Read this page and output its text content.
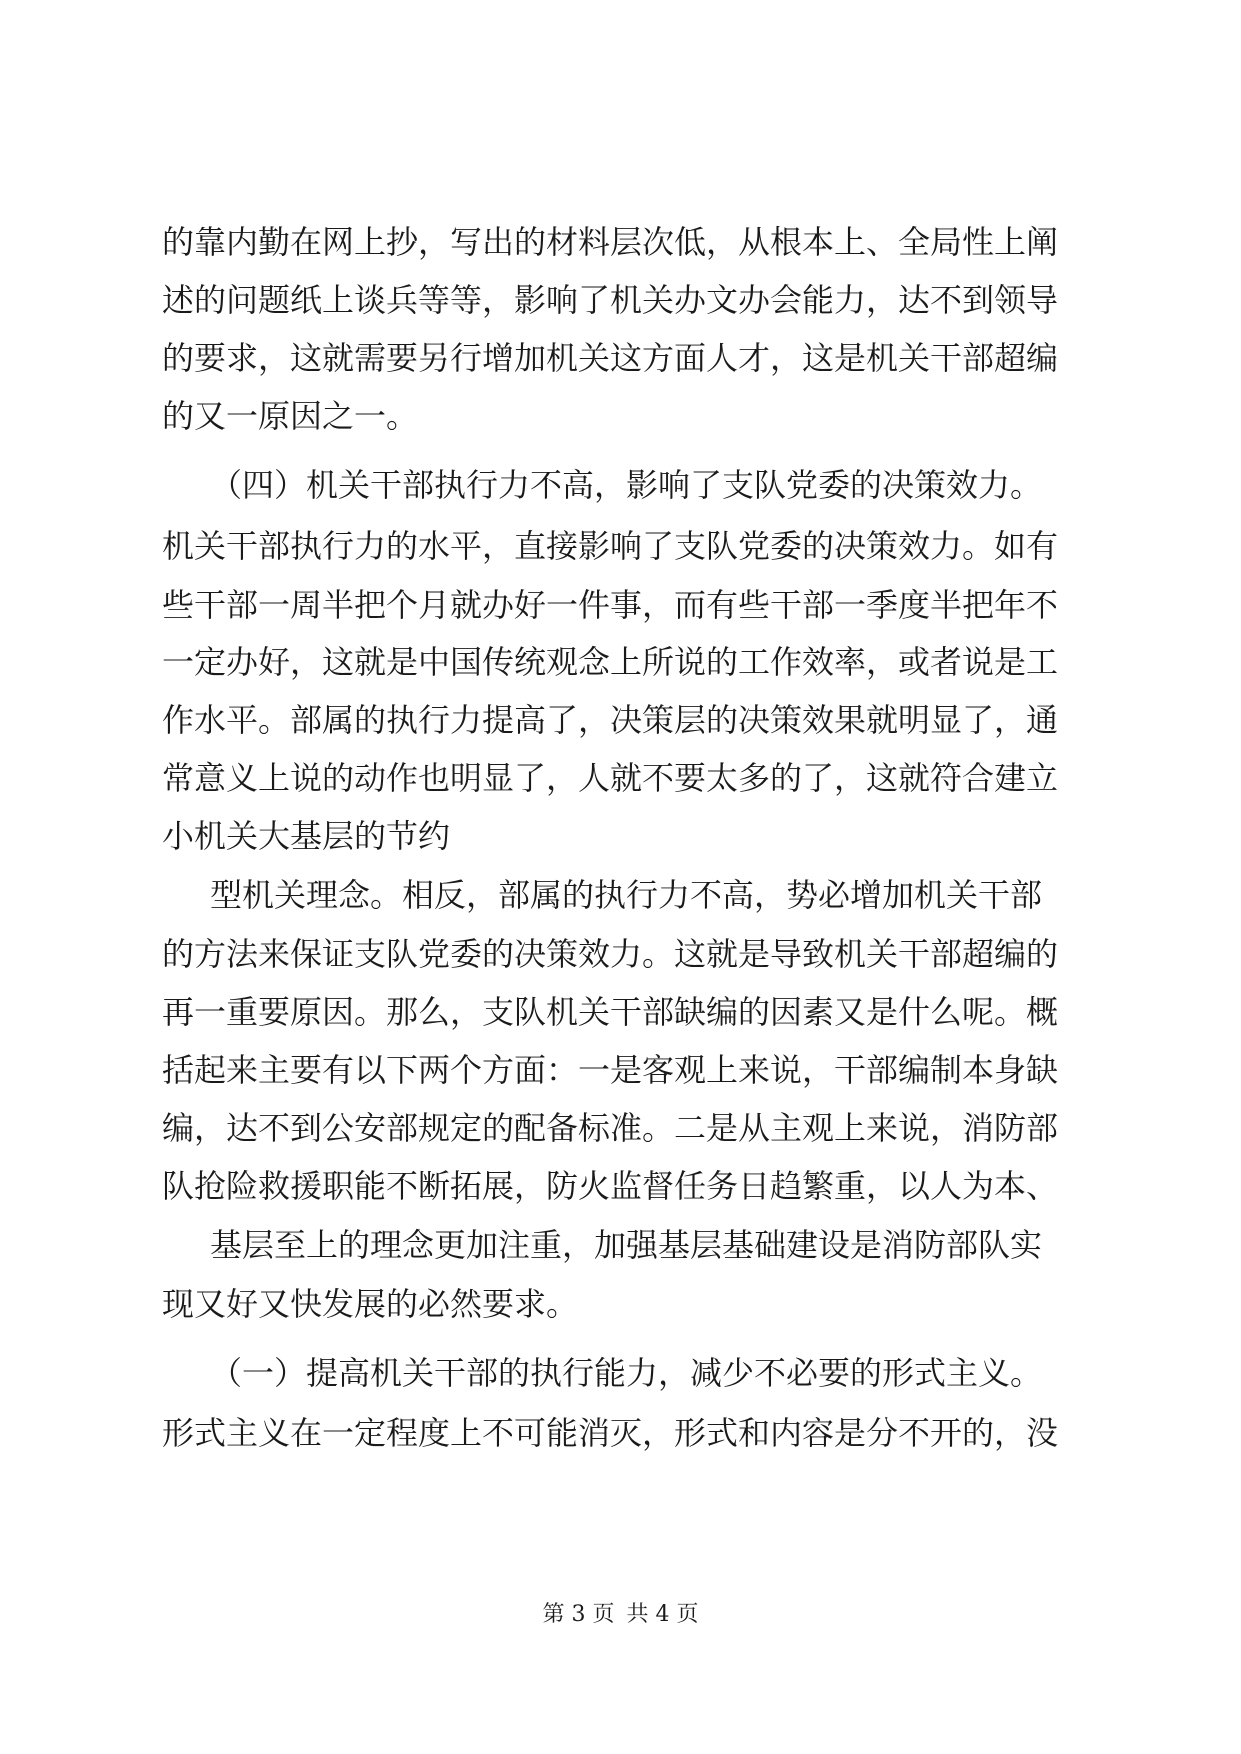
的靠内勤在网上抄，写出的材料层次低，从根本上、全局性上阐
述的问题纸上谈兵等等，影响了机关办文办会能力，达不到领导
的要求，这就需要另行增加机关这方面人才，这是机关干部超编
的又一原因之一。
（四）机关干部执行力不高，影响了支队党委的决策效力。
机关干部执行力的水平，直接影响了支队党委的决策效力。如有
些干部一周半把个月就办好一件事，而有些干部一季度半把年不
一定办好，这就是中国传统观念上所说的工作效率，或者说是工
作水平。部属的执行力提高了，决策层的决策效果就明显了，通
常意义上说的动作也明显了，人就不要太多的了，这就符合建立
小机关大基层的节约
型机关理念。相反，部属的执行力不高，势必增加机关干部
的方法来保证支队党委的决策效力。这就是导致机关干部超编的
再一重要原因。那么，支队机关干部缺编的因素又是什么呢。概
括起来主要有以下两个方面：一是客观上来说，干部编制本身缺
编，达不到公安部规定的配备标准。二是从主观上来说，消防部
队抢险救援职能不断拓展，防火监督任务日趋繁重，以人为本、
基层至上的理念更加注重，加强基层基础建设是消防部队实
现又好又快发展的必然要求。
（一）提高机关干部的执行能力，减少不必要的形式主义。
形式主义在一定程度上不可能消灭，形式和内容是分不开的，没
第 3 页 共 4 页
